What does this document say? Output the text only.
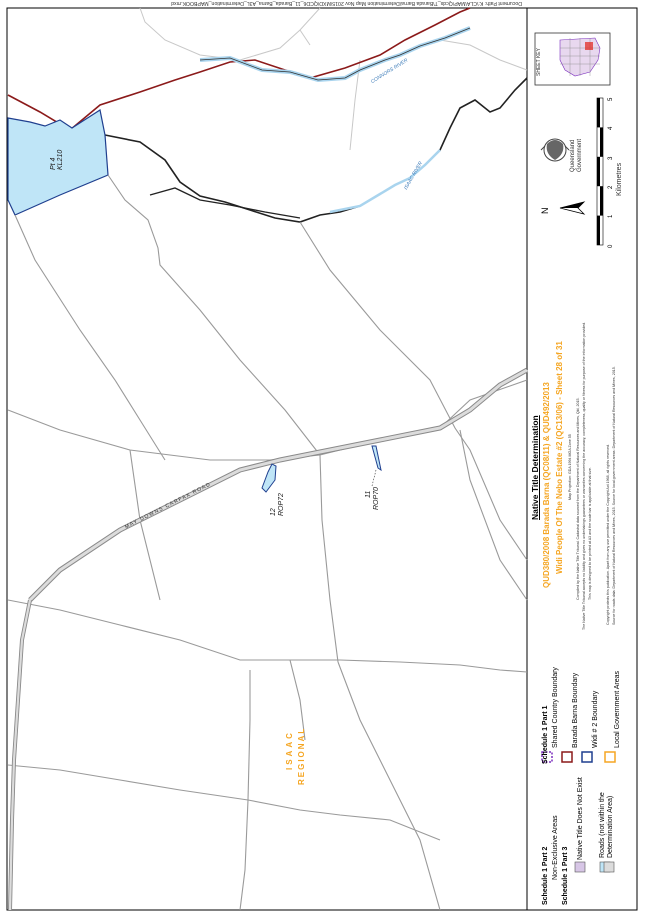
Document Path: K:\CLA\MAP\Qcds_T\Barada Barna\Determination Map Nov 2015\MXD\QCD6_11_Barada_Barna_A3L_Determination_MAPBOOK.mxd
Pt 4 KL210
12 ROP72	11 ROP70
MAY DOWNS CARFAX ROAD
ISAAC REGIONAL
ISAAC RIVER
CONNORS RIVER
Native Title Determination QUD380/2008 Barada Barna (QC08/11) & QUD492/2013 Widi People Of The Nebo Estate #2 (QC13/06) - Sheet 28 of 31 Map Projection: GDA 1994 MGA Zone 55 Compiled by the Native Title Tribunal. Cadastral data sourced from the Department of Natural Resources and Mines, Qld, 2015. The Native Title Tribunal accepts no liability and gives no undertakings guarantees or warranties concerning the accuracy, completeness, quality or fitness for purpose of the information provided. This map is designed to be printed at A3 and the scale bar is applicable at that size.	Copyright protects this publication. Apart from any use permitted under the Copyright Act 1968, all rights reserved. Source for roads data: Department of Natural Resources and Mines, 2015. Source for local government areas: Department of Natural Resources and Mines, 2015.
N
Queensland Government
Kilometres
0
1
2
3
4
5
SHEET KEY
Schedule 1 Part 2 Non-Exclusive Areas Schedule 1 Part 3
Native Title Does Not Exist Roads (not within the Determination Area)
Schedule 1 Part 1 Shared Country Boundary Barada Barna Boundary Widi # 2 Boundary Local Government Areas
